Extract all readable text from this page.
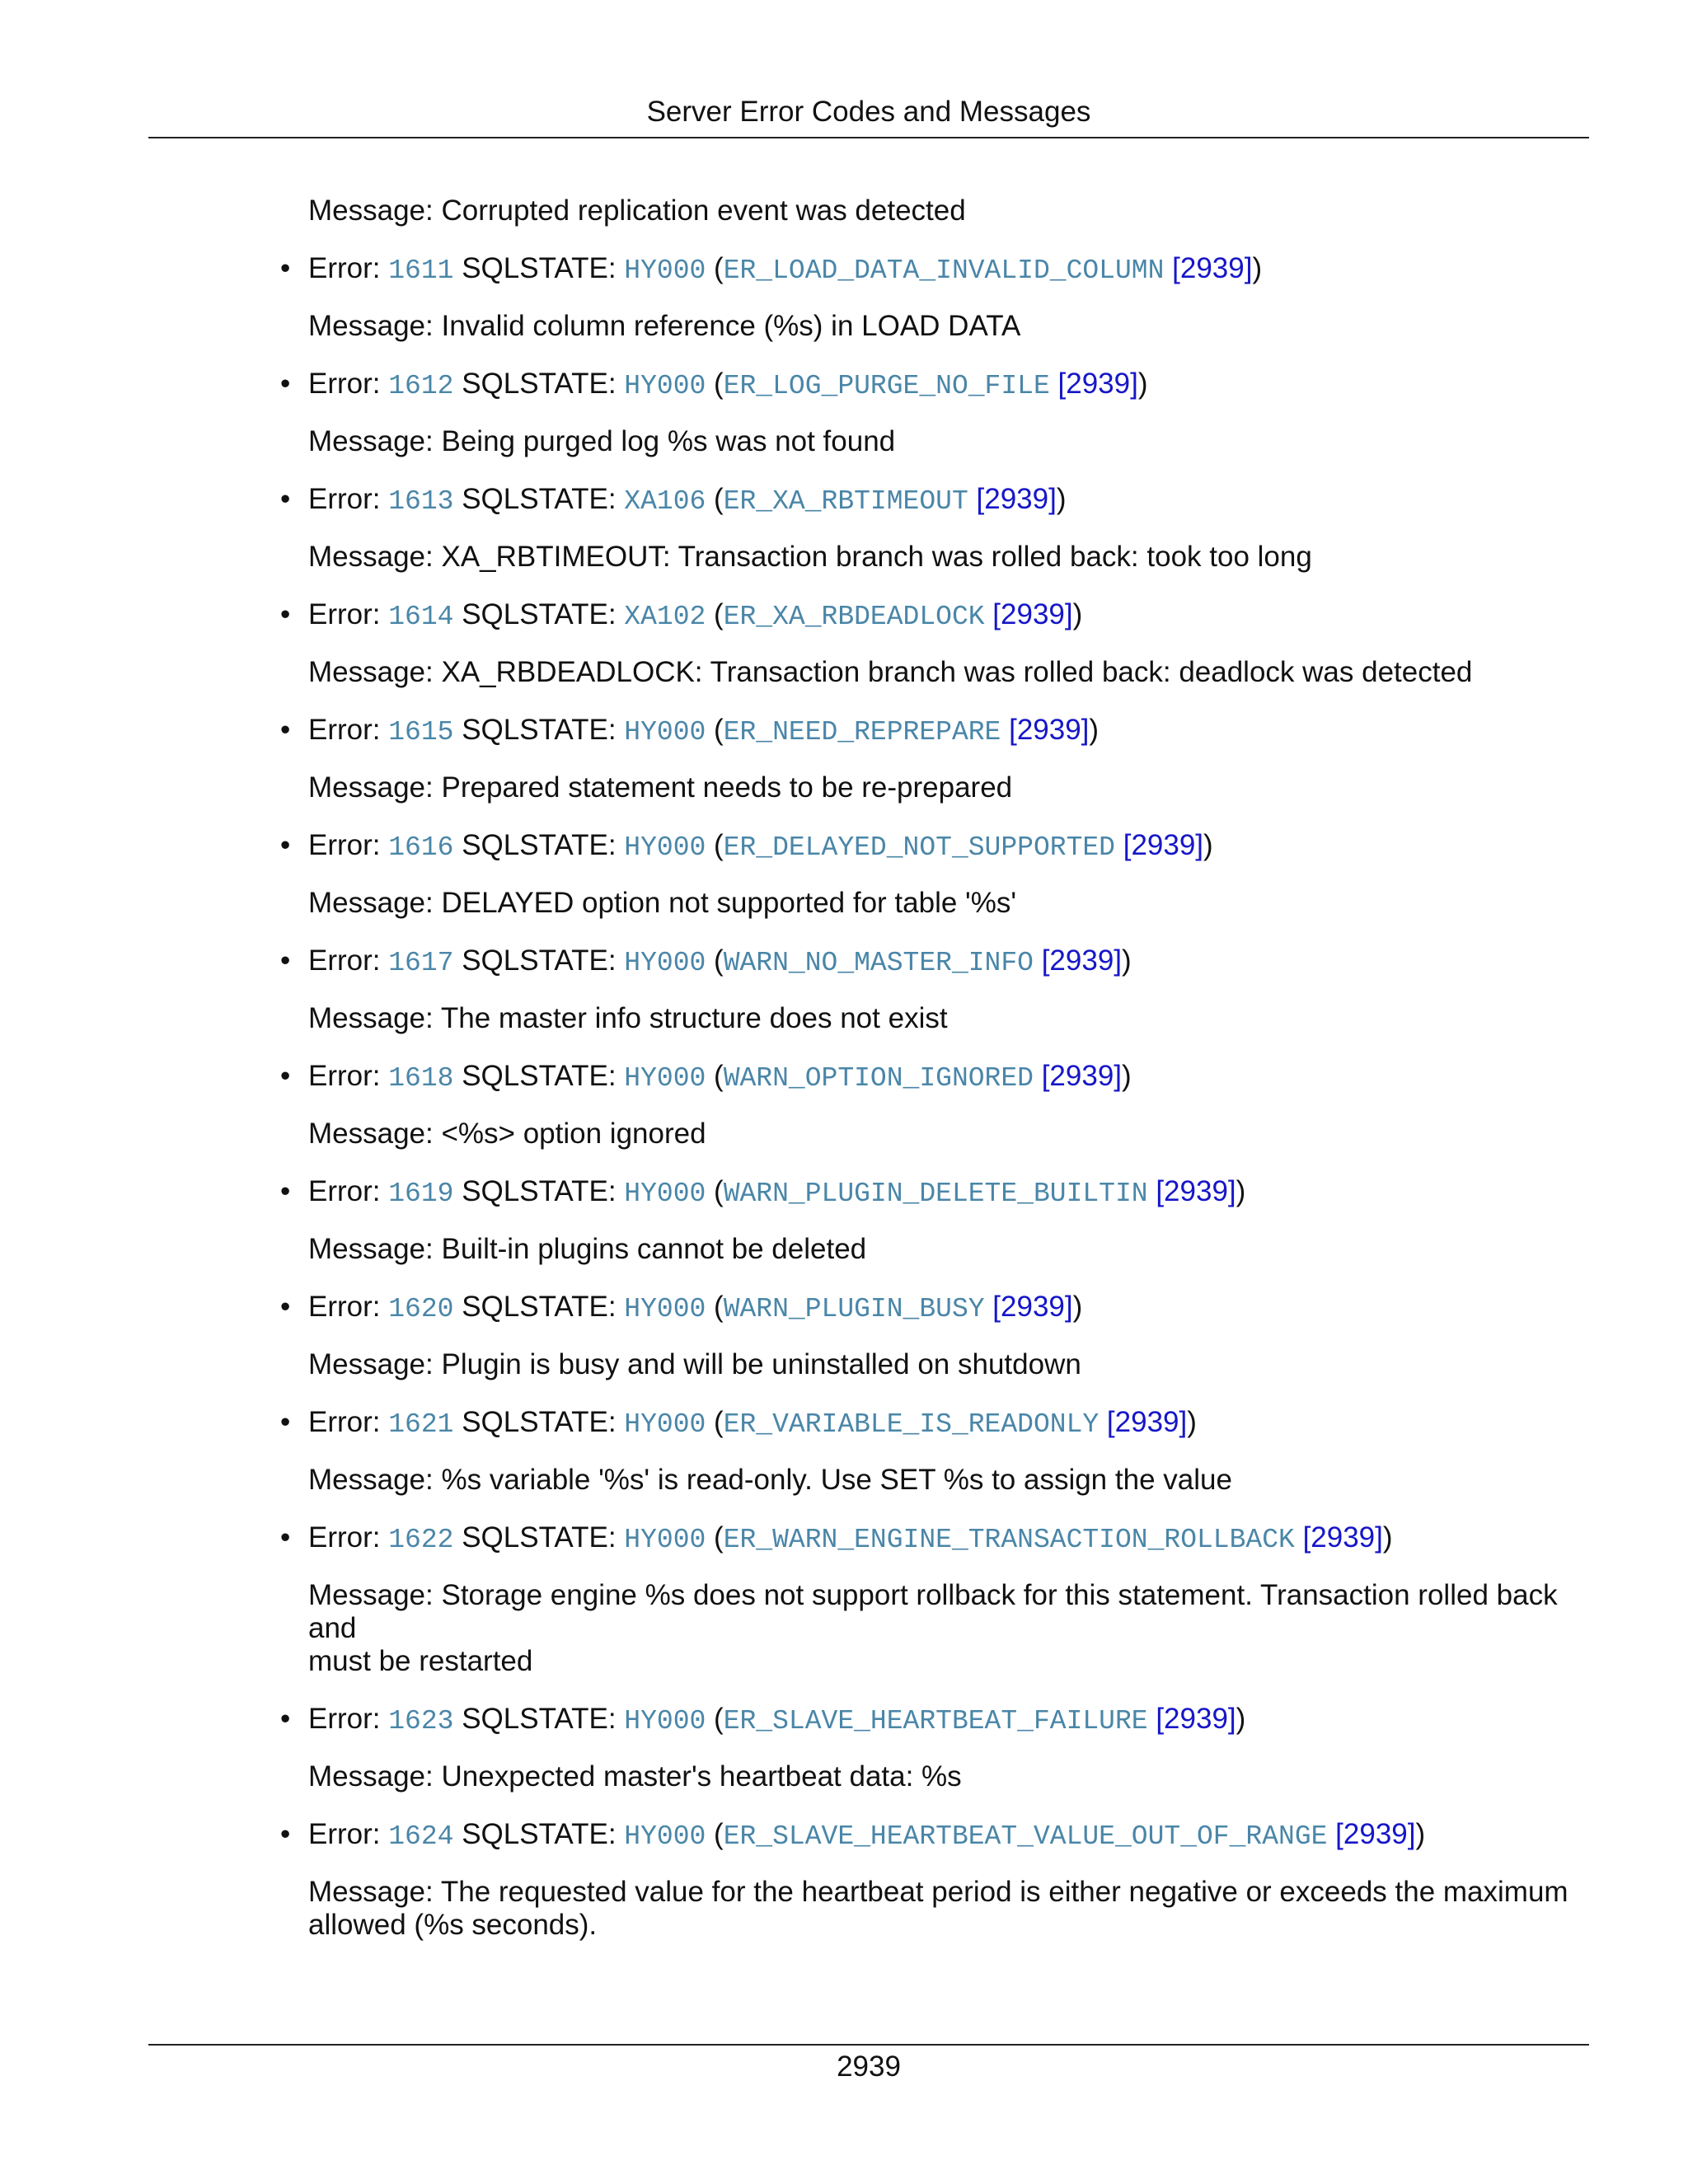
Server Error Codes and Messages
Message: Corrupted replication event was detected
• Error: 1611 SQLSTATE: HY000 (ER_LOAD_DATA_INVALID_COLUMN [2939])
Message: Invalid column reference (%s) in LOAD DATA
• Error: 1612 SQLSTATE: HY000 (ER_LOG_PURGE_NO_FILE [2939])
Message: Being purged log %s was not found
• Error: 1613 SQLSTATE: XA106 (ER_XA_RBTIMEOUT [2939])
Message: XA_RBTIMEOUT: Transaction branch was rolled back: took too long
• Error: 1614 SQLSTATE: XA102 (ER_XA_RBDEADLOCK [2939])
Message: XA_RBDEADLOCK: Transaction branch was rolled back: deadlock was detected
• Error: 1615 SQLSTATE: HY000 (ER_NEED_REPREPARE [2939])
Message: Prepared statement needs to be re-prepared
• Error: 1616 SQLSTATE: HY000 (ER_DELAYED_NOT_SUPPORTED [2939])
Message: DELAYED option not supported for table '%s'
• Error: 1617 SQLSTATE: HY000 (WARN_NO_MASTER_INFO [2939])
Message: The master info structure does not exist
• Error: 1618 SQLSTATE: HY000 (WARN_OPTION_IGNORED [2939])
Message: <%s> option ignored
• Error: 1619 SQLSTATE: HY000 (WARN_PLUGIN_DELETE_BUILTIN [2939])
Message: Built-in plugins cannot be deleted
• Error: 1620 SQLSTATE: HY000 (WARN_PLUGIN_BUSY [2939])
Message: Plugin is busy and will be uninstalled on shutdown
• Error: 1621 SQLSTATE: HY000 (ER_VARIABLE_IS_READONLY [2939])
Message: %s variable '%s' is read-only. Use SET %s to assign the value
• Error: 1622 SQLSTATE: HY000 (ER_WARN_ENGINE_TRANSACTION_ROLLBACK [2939])
Message: Storage engine %s does not support rollback for this statement. Transaction rolled back and
must be restarted
• Error: 1623 SQLSTATE: HY000 (ER_SLAVE_HEARTBEAT_FAILURE [2939])
Message: Unexpected master's heartbeat data: %s
• Error: 1624 SQLSTATE: HY000 (ER_SLAVE_HEARTBEAT_VALUE_OUT_OF_RANGE [2939])
Message: The requested value for the heartbeat period is either negative or exceeds the maximum
allowed (%s seconds).
2939
